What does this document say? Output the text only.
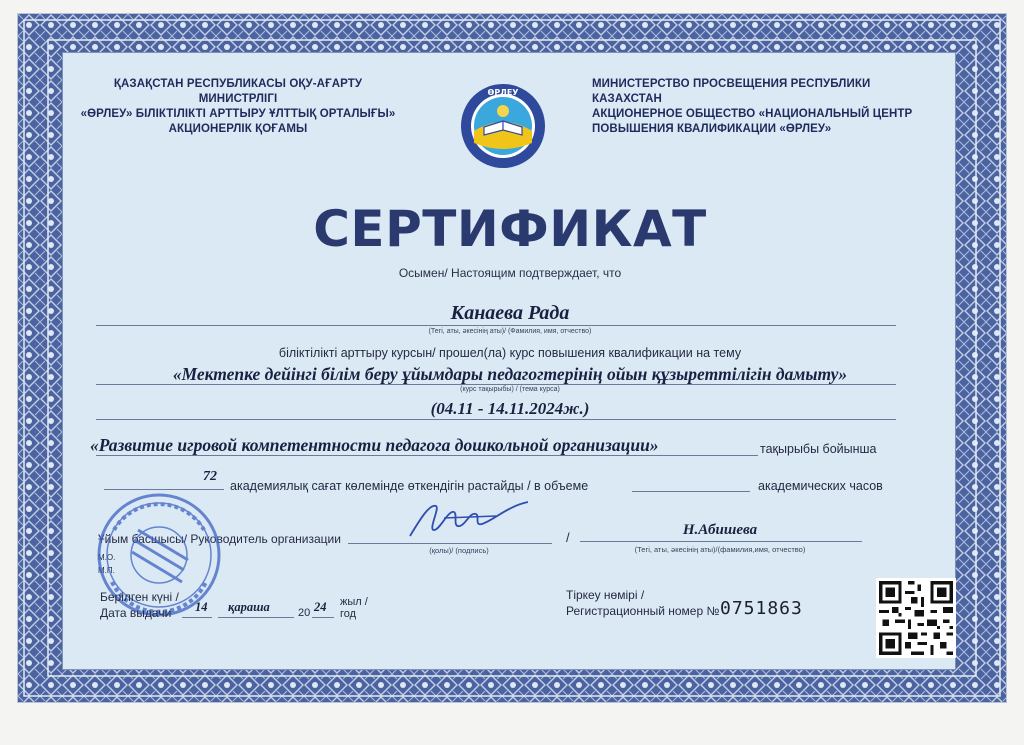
ҚАЗАҚСТАН РЕСПУБЛИКАСЫ ОҚУ-АҒАРТУ МИНИСТРЛІГІ
«ӨРЛЕУ» БІЛІКТІЛІКТІ АРТТЫРУ ҰЛТТЫҚ ОРТАЛЫҒЫ»
АКЦИОНЕРЛІК ҚОҒАМЫ
МИНИСТЕРСТВО ПРОСВЕЩЕНИЯ РЕСПУБЛИКИ КАЗАХСТАН
АКЦИОНЕРНОЕ ОБЩЕСТВО «НАЦИОНАЛЬНЫЙ ЦЕНТР
ПОВЫШЕНИЯ КВАЛИФИКАЦИИ «ӨРЛЕУ»
ӨРЛЕУ
СЕРТИФИКАТ
Осымен/ Настоящим подтверждает, что
Канаева Рада
(Тегі, аты, әкесінің аты)/ (Фамилия, имя, отчество)
біліктілікті арттыру курсын/ прошел(ла) курс повышения квалификации на тему
«Мектепке дейінгі білім беру ұйымдары педагогтерінің ойын құзыреттілігін дамыту»
(курс тақырыбы) / (тема курса)
(04.11 - 14.11.2024ж.)
«Развитие игровой компетентности педагога дошкольной организации»	тақырыбы бойынша
72
академиялық сағат көлемінде өткендігін растайды / в объеме	академических часов
Ұйым басшысы/ Руководитель организации
(қолы)/ (подпись)
/	Н.Абишева
(Тегі, аты, әкесінің аты)/(фамилия,имя, отчество)
М.О.
М.П.
Берілген күні /
Дата выдачи 14 қараша	20 24 жыл /
год
Тіркеу нөмірі /
Регистрационный номер № 0751863
